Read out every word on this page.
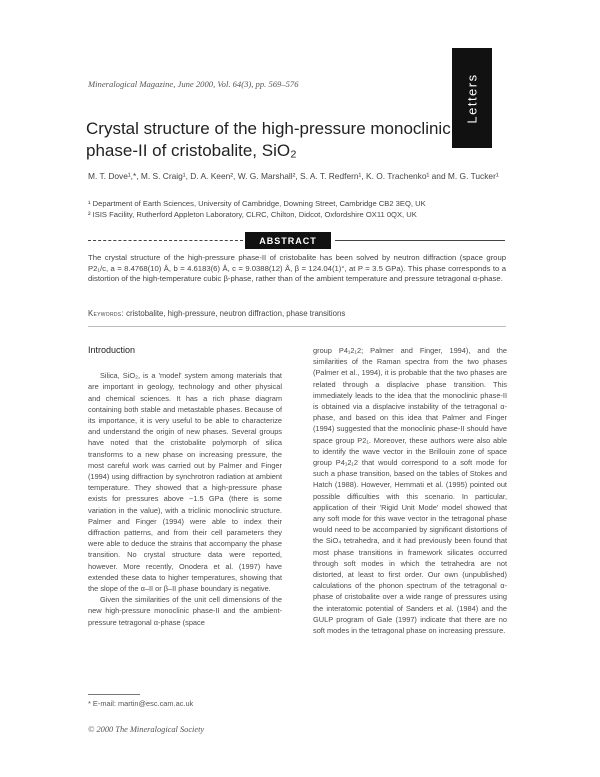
Letters
Mineralogical Magazine, June 2000, Vol. 64(3), pp. 569–576
Crystal structure of the high-pressure monoclinic phase-II of cristobalite, SiO₂
M. T. Dove¹,*, M. S. Craig¹, D. A. Keen², W. G. Marshall², S. A. T. Redfern¹, K. O. Trachenko¹ and M. G. Tucker¹
¹ Department of Earth Sciences, University of Cambridge, Downing Street, Cambridge CB2 3EQ, UK
² ISIS Facility, Rutherford Appleton Laboratory, CLRC, Chilton, Didcot, Oxfordshire OX11 0QX, UK
ABSTRACT

The crystal structure of the high-pressure phase-II of cristobalite has been solved by neutron diffraction (space group P2₁/c, a = 8.4768(10) Å, b = 4.6183(6) Å, c = 9.0388(12) Å, β = 124.04(1)°, at P = 3.5 GPa). This phase corresponds to a distortion of the high-temperature cubic β-phase, rather than of the ambient temperature and pressure tetragonal α-phase.

Keywords: cristobalite, high-pressure, neutron diffraction, phase transitions
Introduction

Silica, SiO₂, is a 'model' system among materials that are important in geology, technology and other physical and chemical sciences. It has a rich phase diagram containing both stable and metastable phases. Because of its importance, it is very useful to be able to characterize and understand the origin of new phases. Several groups have noted that the cristobalite polymorph of silica transforms to a new phase on increasing pressure, the most careful work was carried out by Palmer and Finger (1994) using diffraction by synchrotron radiation at ambient temperature. They showed that a high-pressure phase exists for pressures above ~1.5 GPa (there is some variation in the value), with a triclinic monoclinic structure. Palmer and Finger (1994) were able to index their diffraction patterns, and from their cell parameters they were able to deduce the strains that accompany the phase transition. No crystal structure data were reported, however. More recently, Onodera et al. (1997) have extended these data to higher temperatures, showing that the slope of the α–II or β–II phase boundary is negative.

Given the similarities of the unit cell dimensions of the new high-pressure monoclinic phase-II and the ambient-pressure tetragonal α-phase (space

group P4₁2₁2; Palmer and Finger, 1994), and the similarities of the Raman spectra from the two phases (Palmer et al., 1994), it is probable that the two phases are related through a displacive phase transition. This immediately leads to the idea that the monoclinic phase-II is obtained via a displacive instability of the tetragonal α-phase, and based on this idea that Palmer and Finger (1994) suggested that the monoclinic phase-II should have space group P2₁. Moreover, these authors were also able to identify the wave vector in the Brillouin zone of space group P4₁2₁2 that would correspond to a soft mode for such a phase transition, based on the tables of Stokes and Hatch (1988). However, Hemmati et al. (1995) pointed out possible difficulties with this scenario. In particular, application of their 'Rigid Unit Mode' model showed that any soft mode for this wave vector in the tetragonal phase would need to be accompanied by significant distortions of the SiO₄ tetrahedra, and it had previously been found that most phase transitions in framework silicates occurred through soft modes in which the tetrahedra are not distorted, at least to first order. Our own (unpublished) calculations of the phonon spectrum of the tetragonal α-phase of cristobalite over a wide range of pressures using the interatomic potential of Sanders et al. (1984) and the GULP program of Gale (1997) indicate that there are no soft modes in the tetragonal phase on increasing pressure.

* E-mail: martin@esc.cam.ac.uk
© 2000 The Mineralogical Society
